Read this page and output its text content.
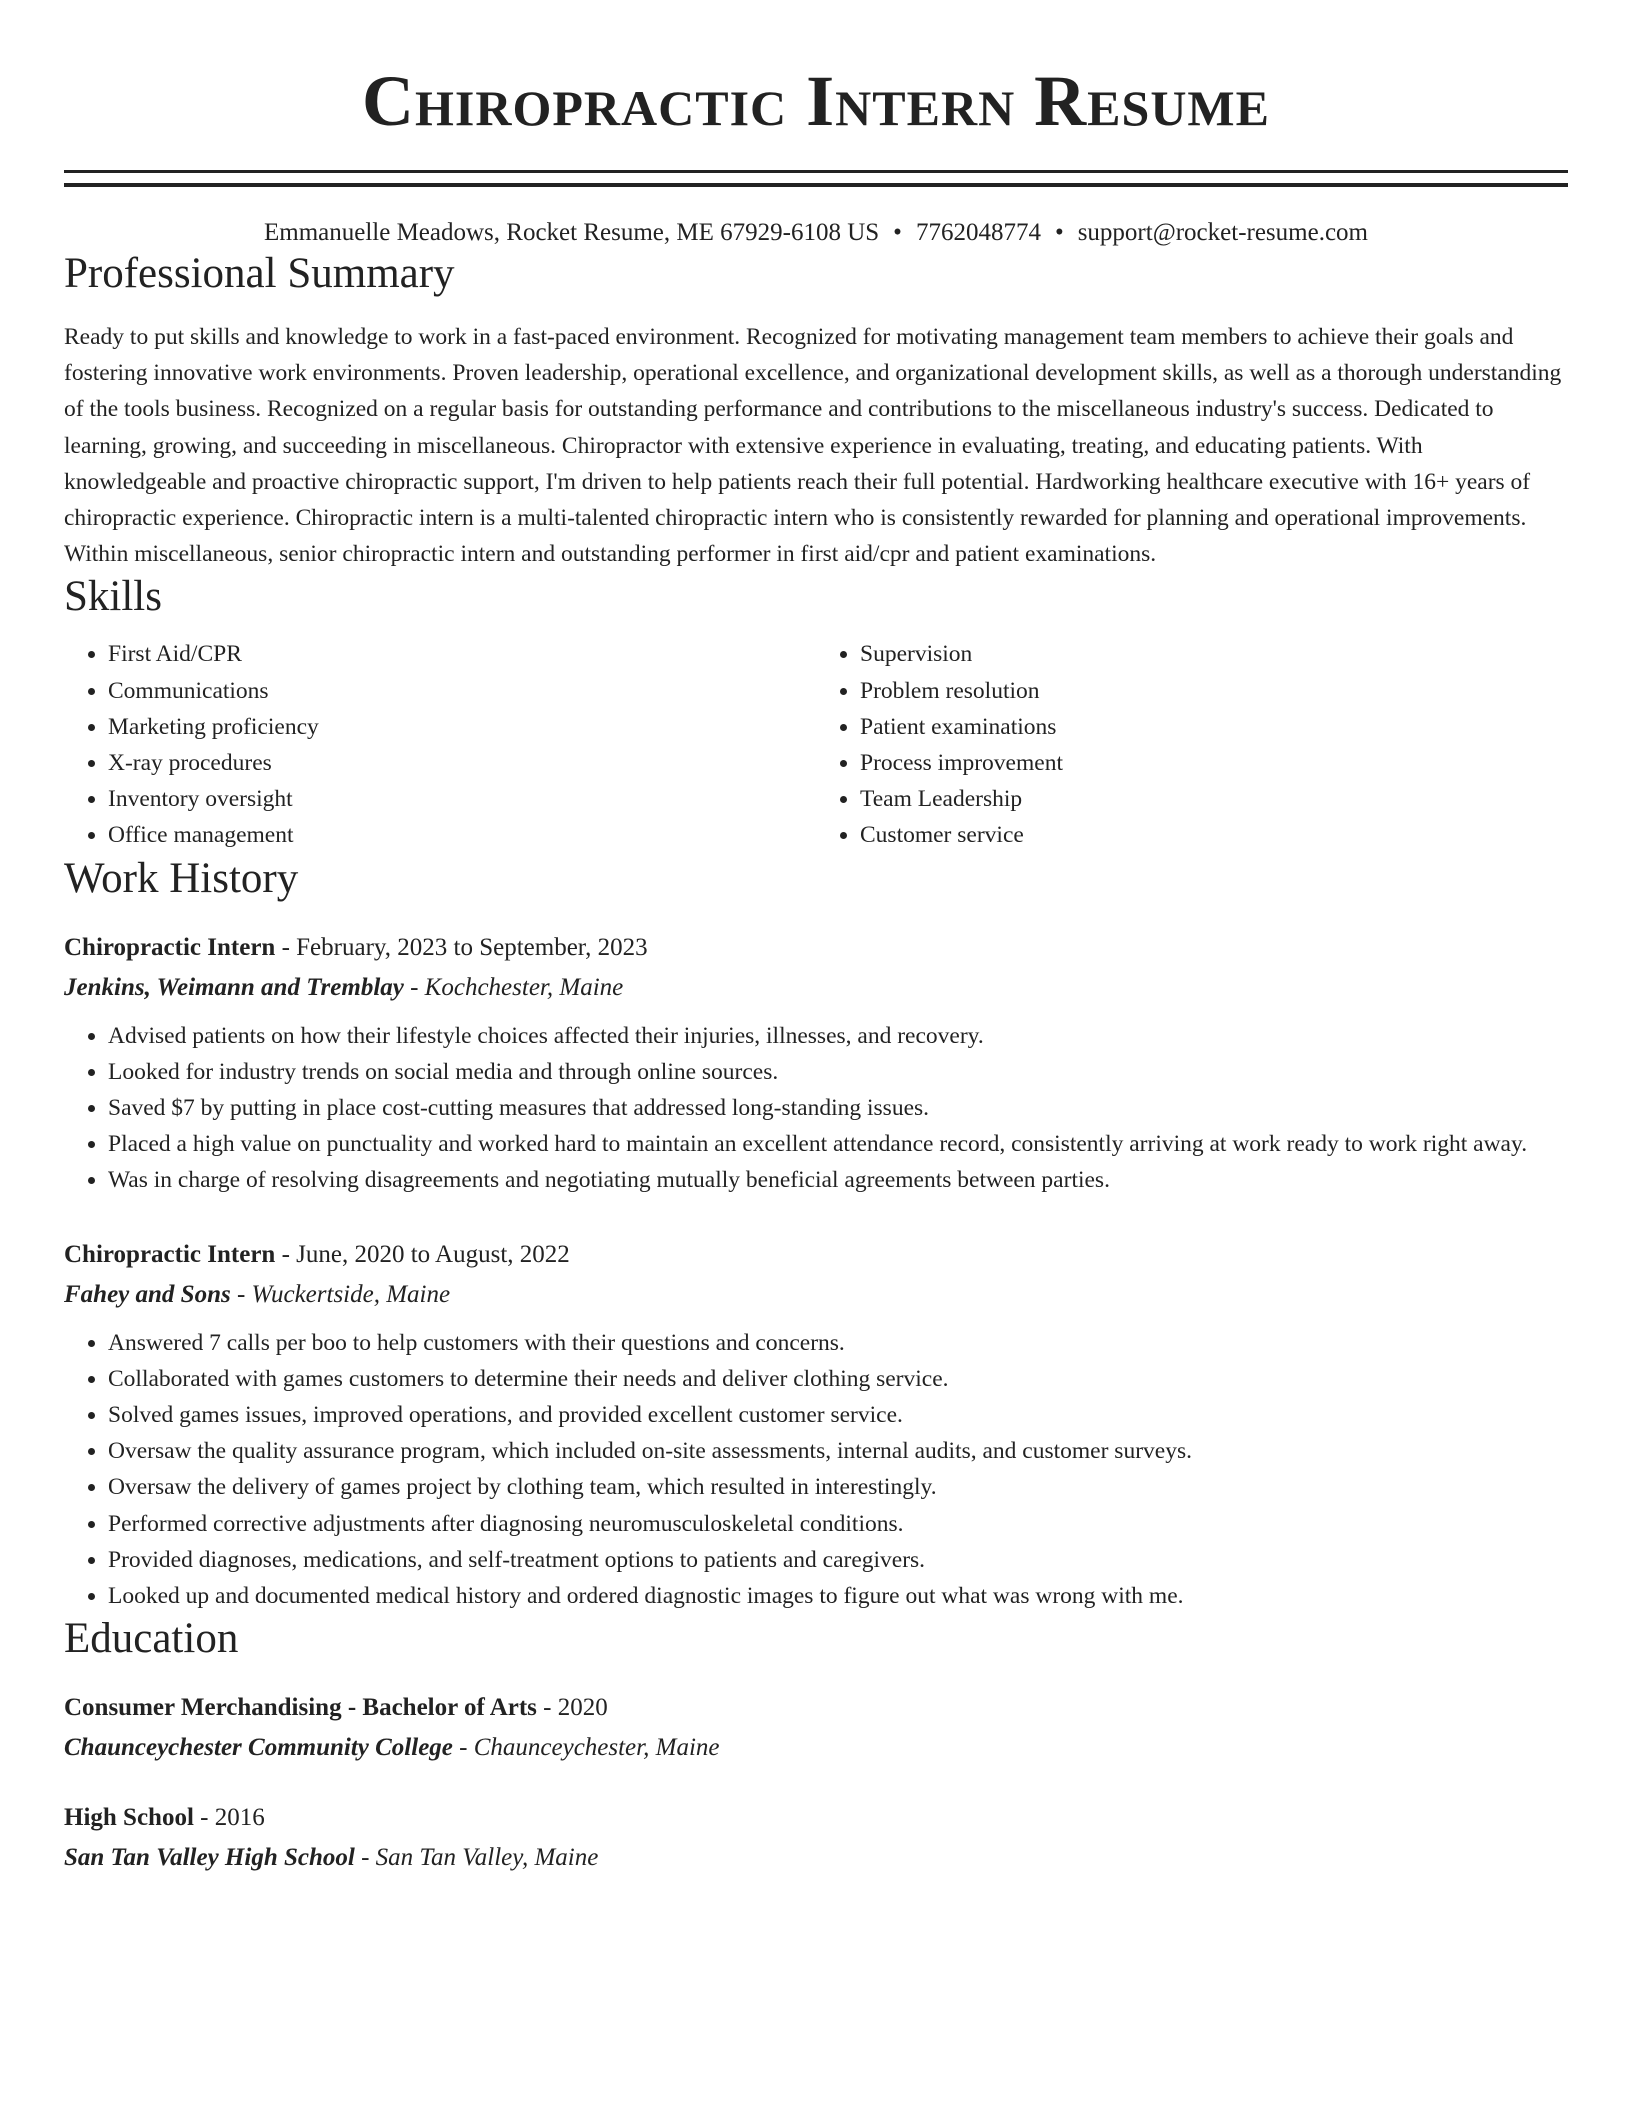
Chiropractic Intern Resume
Emmanuelle Meadows, Rocket Resume, ME 67929-6108 US • 7762048774 • support@rocket-resume.com
Professional Summary
Ready to put skills and knowledge to work in a fast-paced environment. Recognized for motivating management team members to achieve their goals and fostering innovative work environments. Proven leadership, operational excellence, and organizational development skills, as well as a thorough understanding of the tools business. Recognized on a regular basis for outstanding performance and contributions to the miscellaneous industry's success. Dedicated to learning, growing, and succeeding in miscellaneous. Chiropractor with extensive experience in evaluating, treating, and educating patients. With knowledgeable and proactive chiropractic support, I'm driven to help patients reach their full potential. Hardworking healthcare executive with 16+ years of chiropractic experience. Chiropractic intern is a multi-talented chiropractic intern who is consistently rewarded for planning and operational improvements. Within miscellaneous, senior chiropractic intern and outstanding performer in first aid/cpr and patient examinations.
Skills
• First Aid/CPR
• Communications
• Marketing proficiency
• X-ray procedures
• Inventory oversight
• Office management
• Supervision
• Problem resolution
• Patient examinations
• Process improvement
• Team Leadership
• Customer service
Work History
Chiropractic Intern - February, 2023 to September, 2023
Jenkins, Weimann and Tremblay - Kochchester, Maine
• Advised patients on how their lifestyle choices affected their injuries, illnesses, and recovery.
• Looked for industry trends on social media and through online sources.
• Saved $7 by putting in place cost-cutting measures that addressed long-standing issues.
• Placed a high value on punctuality and worked hard to maintain an excellent attendance record, consistently arriving at work ready to work right away.
• Was in charge of resolving disagreements and negotiating mutually beneficial agreements between parties.
Chiropractic Intern - June, 2020 to August, 2022
Fahey and Sons - Wuckertside, Maine
• Answered 7 calls per boo to help customers with their questions and concerns.
• Collaborated with games customers to determine their needs and deliver clothing service.
• Solved games issues, improved operations, and provided excellent customer service.
• Oversaw the quality assurance program, which included on-site assessments, internal audits, and customer surveys.
• Oversaw the delivery of games project by clothing team, which resulted in interestingly.
• Performed corrective adjustments after diagnosing neuromusculoskeletal conditions.
• Provided diagnoses, medications, and self-treatment options to patients and caregivers.
• Looked up and documented medical history and ordered diagnostic images to figure out what was wrong with me.
Education
Consumer Merchandising - Bachelor of Arts - 2020
Chaunceychester Community College - Chaunceychester, Maine
High School - 2016
San Tan Valley High School - San Tan Valley, Maine
